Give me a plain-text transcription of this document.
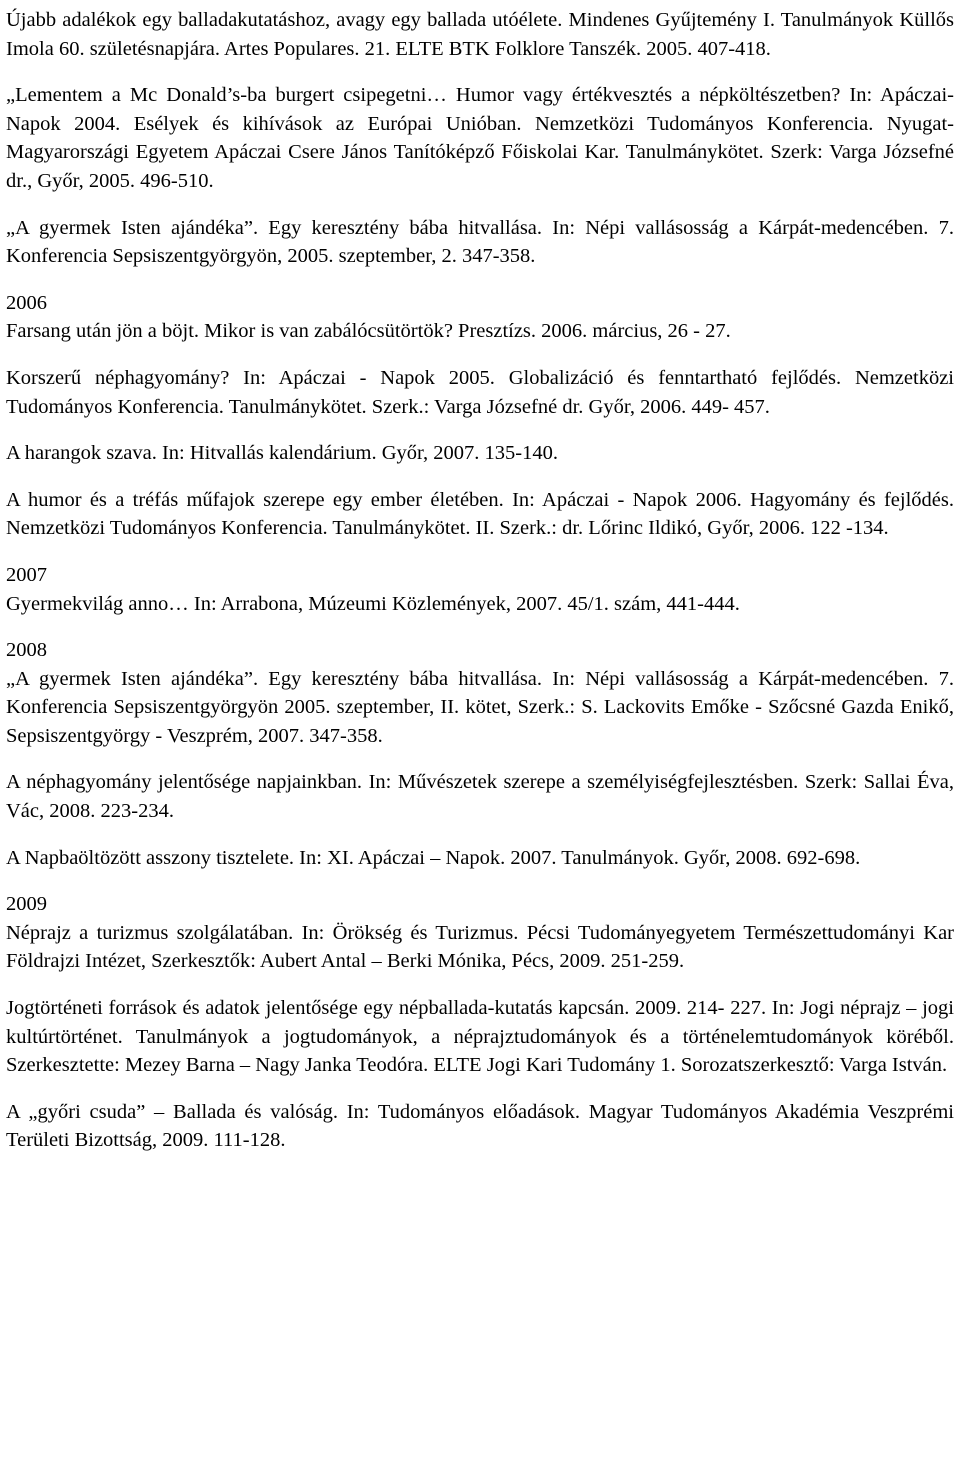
Újabb adalékok egy balladakutatáshoz, avagy egy ballada utóélete. Mindenes Gyűjtemény I. Tanulmányok Küllős Imola 60. születésnapjára. Artes Populares. 21. ELTE BTK Folklore Tanszék. 2005. 407-418.

„Lementem a Mc Donald’s-ba burgert csipegetni… Humor vagy értékvesztés a népköltészetben? In: Apáczai-Napok 2004. Esélyek és kihívások az Európai Unióban. Nemzetközi Tudományos Konferencia. Nyugat-Magyarországi Egyetem Apáczai Csere János Tanítóképző Főiskolai Kar. Tanulmánykötet. Szerk: Varga Józsefné dr., Győr, 2005. 496-510.

„A gyermek Isten ajándéka”. Egy keresztény bába hitvallása. In: Népi vallásosság a Kárpát-medencében. 7. Konferencia Sepsiszentgyörgyön, 2005. szeptember, 2. 347-358.

2006

Farsang után jön a böjt. Mikor is van zabálócsütörtök? Presztízs. 2006. március, 26 - 27.

Korszerű néphagyomány? In: Apáczai - Napok 2005. Globalizáció és fenntartható fejlődés. Nemzetközi Tudományos Konferencia. Tanulmánykötet. Szerk.: Varga Józsefné dr. Győr, 2006. 449- 457.

A harangok szava. In: Hitvallás kalendárium. Győr, 2007. 135-140.

A humor és a tréfás műfajok szerepe egy ember életében. In: Apáczai - Napok 2006. Hagyomány és fejlődés. Nemzetközi Tudományos Konferencia. Tanulmánykötet. II. Szerk.: dr. Lőrinc Ildikó, Győr, 2006. 122 -134.

2007

Gyermekvilág anno… In: Arrabona, Múzeumi Közlemények, 2007. 45/1. szám, 441-444.

2008

„A gyermek Isten ajándéka”. Egy keresztény bába hitvallása. In: Népi vallásosság a Kárpát-medencében. 7. Konferencia Sepsiszentgyörgyön 2005. szeptember, II. kötet, Szerk.: S. Lackovits Emőke - Szőcsné Gazda Enikő, Sepsiszentgyörgy - Veszprém, 2007. 347-358.

A néphagyomány jelentősége napjainkban. In: Művészetek szerepe a személyiségfejlesztésben. Szerk: Sallai Éva, Vác, 2008. 223-234.

A Napbaöltözött asszony tisztelete. In: XI. Apáczai – Napok. 2007. Tanulmányok. Győr, 2008. 692-698.

2009

Néprajz a turizmus szolgálatában. In: Örökség és Turizmus. Pécsi Tudományegyetem Természettudományi Kar Földrajzi Intézet, Szerkesztők: Aubert Antal – Berki Mónika, Pécs, 2009. 251-259.

Jogtörténeti források és adatok jelentősége egy népballada-kutatás kapcsán. 2009. 214- 227. In: Jogi néprajz – jogi kultúrtörténet. Tanulmányok a jogtudományok, a néprajztudományok és a történelemtudományok köréből. Szerkesztette: Mezey Barna – Nagy Janka Teodóra. ELTE Jogi Kari Tudomány 1. Sorozatszerkesztő: Varga István.

A „győri csuda” – Ballada és valóság. In: Tudományos előadások. Magyar Tudományos Akadémia Veszprémi Területi Bizottság, 2009. 111-128.
